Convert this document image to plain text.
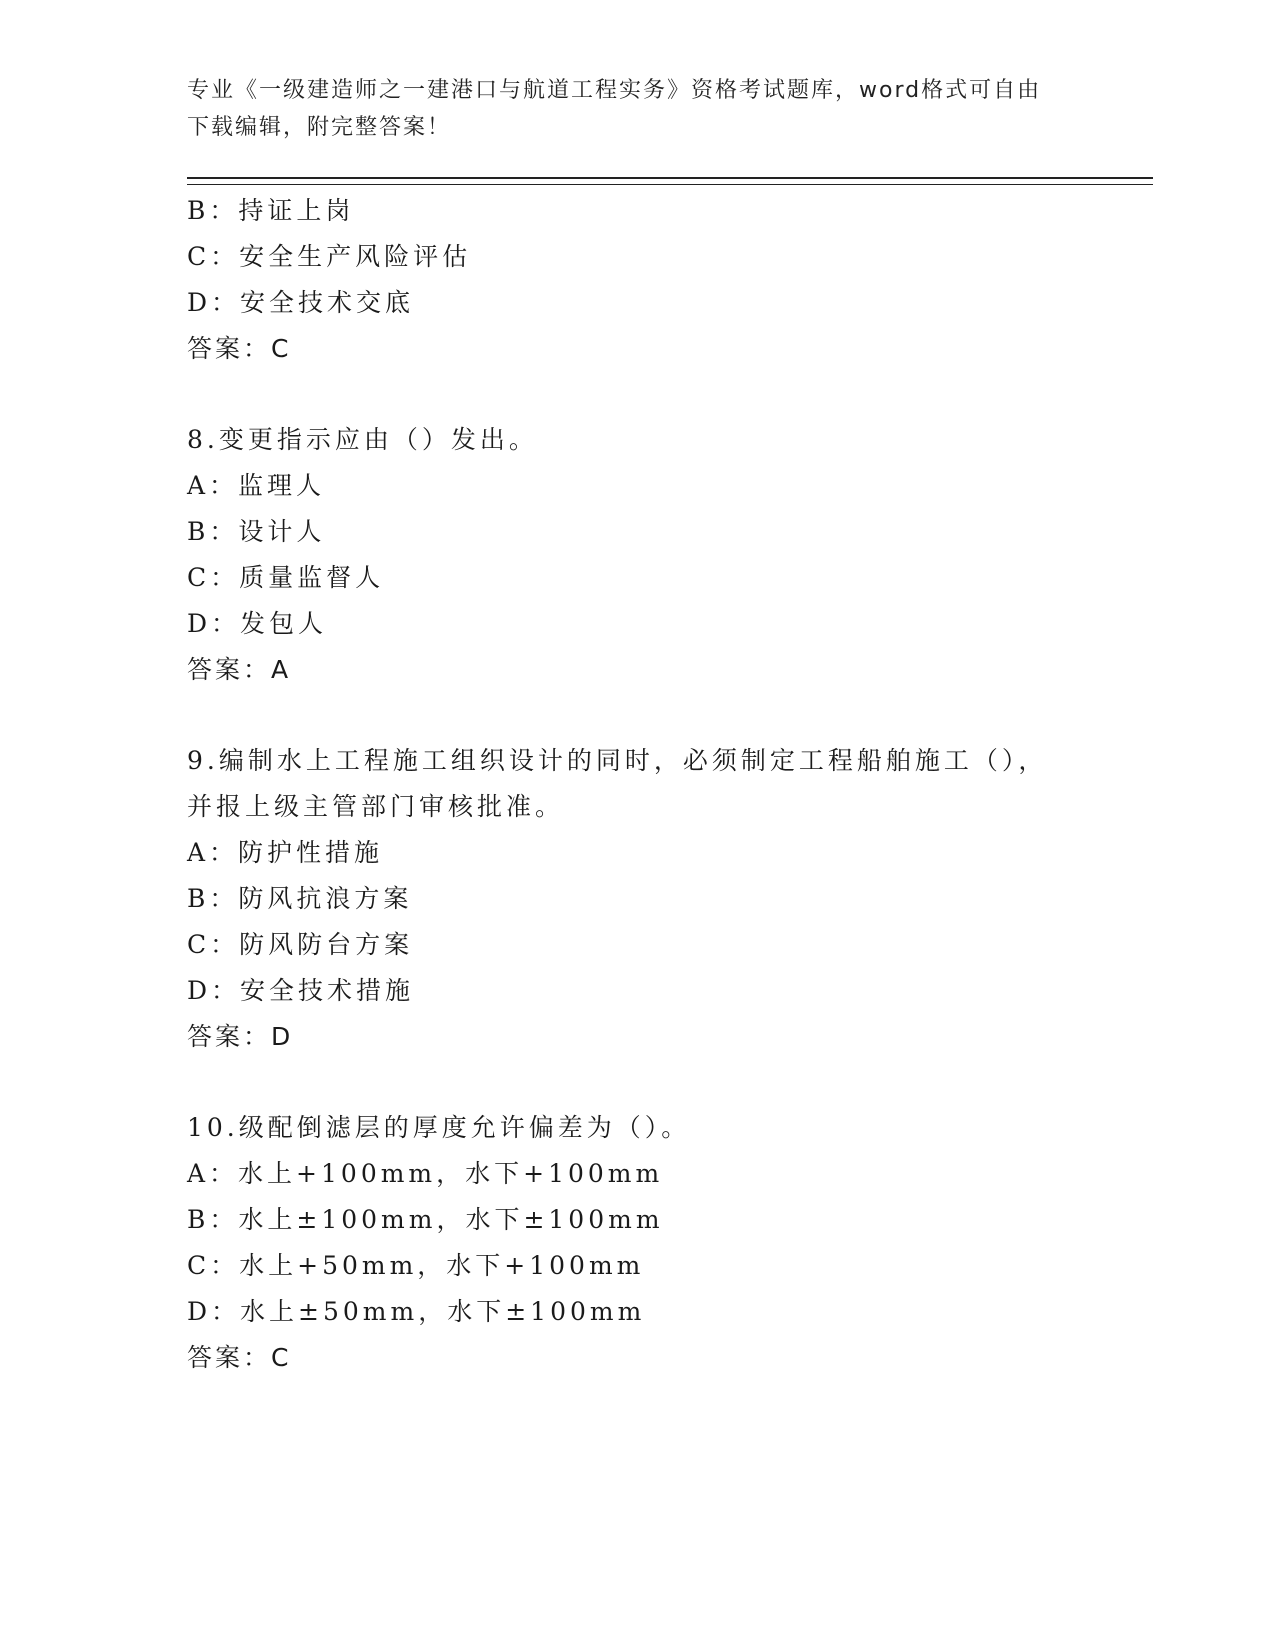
专业《一级建造师之一建港口与航道工程实务》资格考试题库，word格式可自由
下载编辑，附完整答案！
B：持证上岗
C：安全生产风险评估
D：安全技术交底
答案：C
8.变更指示应由（）发出。
A：监理人
B：设计人
C：质量监督人
D：发包人
答案：A
9.编制水上工程施工组织设计的同时，必须制定工程船舶施工（），
并报上级主管部门审核批准。
A：防护性措施
B：防风抗浪方案
C：防风防台方案
D：安全技术措施
答案：D
10.级配倒滤层的厚度允许偏差为（）。
A：水上+100mm，水下+100mm
B：水上±100mm，水下±100mm
C：水上+50mm，水下+100mm
D：水上±50mm，水下±100mm
答案：C
